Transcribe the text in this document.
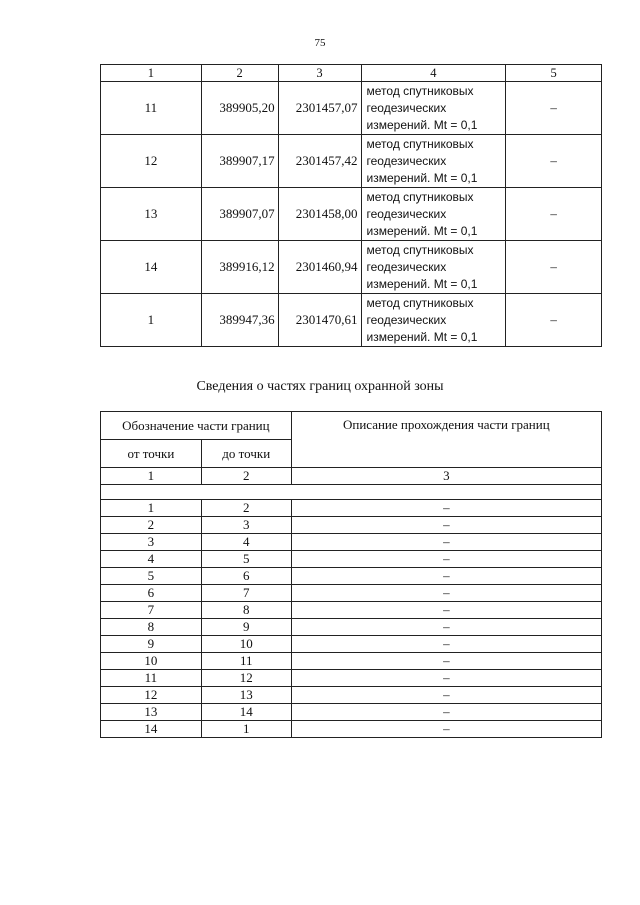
75
1	2	3	4	5
11	389905,20	2301457,07	метод спутниковых
геодезических
измерений. Mt = 0,1	–
12	389907,17	2301457,42	метод спутниковых
геодезических
измерений. Mt = 0,1	–
13	389907,07	2301458,00	метод спутниковых
геодезических
измерений. Mt = 0,1	–
14	389916,12	2301460,94	метод спутниковых
геодезических
измерений. Mt = 0,1	–
1	389947,36	2301470,61	метод спутниковых
геодезических
измерений. Mt = 0,1	–
Сведения о частях границ охранной зоны
Обозначение части границ		Описание прохождения части границ
от точки	до точки	
1	2	3

1	2	–
2	3	–
3	4	–
4	5	–
5	6	–
6	7	–
7	8	–
8	9	–
9	10	–
10	11	–
11	12	–
12	13	–
13	14	–
14	1	–
